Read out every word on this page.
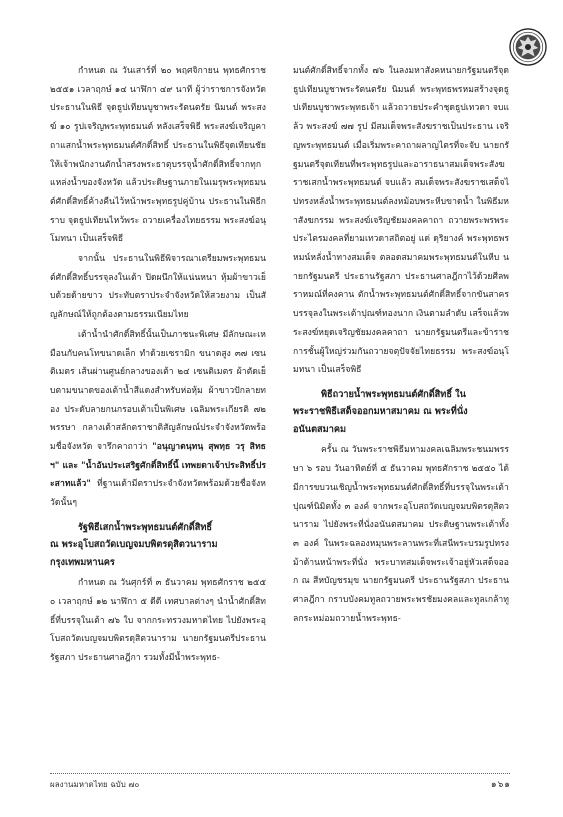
กำหนด ณ วันเสาร์ที่ ๒๐ พฤศจิกายน พุทธศักราช ๒๕๕๑ เวลาฤกษ์ ๑๔ นาฬิกา ๔๙ นาที ผู้ว่าราชการจังหวัดประธานในพิธี จุดธูปเทียนบูชาพระรัตนตรัย นิมนต์ พระสงฆ์ ๑๐ รูปเจริญพระพุทธมนต์ หลังเสร็จพิธี พระสงฆ์เจริญคาถาแสกน้ำพระพุทธมนต์ศักดิ์สิทธิ์ ประธานในพิธีจุดเทียนชัยให้เจ้าพนักงานตักน้ำสรงพระธาตุบรรจุน้ำศักดิ์สิทธิ์จากทุกแหล่งน้ำของจังหวัด แล้วประดิษฐานภายในเมรุพระพุทธมนต์ศักดิ์สิทธิ์ค้างคืนไว้หน้าพระพุทธรูปคู่บ้าน ประธานในพิธีกราบ จุดธูปเทียนไหว้พระ ถวายเครื่องไทยธรรม พระสงฆ์อนุโมทนา เป็นเสร็จพิธี

จากนั้น ประธานในพิธีพิจารณาเตรียมพระพุทธมนต์ศักดิ์สิทธิ์บรรจุลงในเต้า ปิดผนึกให้แน่นหนา หุ้มผ้าขาวเย็บด้วยด้ายขาว ประทับตราประจำจังหวัดให้สวยงาม เป็นสัญลักษณ์ให้ถูกต้องตามธรรมเนียมไทย

เต้าน้ำนำศักดิ์สิทธิ์นั้นเป็นภาชนะพิเศษ มีลักษณะเหมือนกับคนโทขนาดเล็ก ทำด้วยเซรามิก ขนาดสูง ๓๗ เซนติเมตร เส้นผ่านศูนย์กลางของเต้า ๒๔ เซนติเมตร ผ้าตัดเย็บตามขนาดของเต้าน้ำสีแดงสำหรับห่อหุ้ม ผ้าขาวปักลายทอง ประดับลายกนกรอบเต้าเป็นพิเศษ เฉลิมพระเกียรติ ๗๒ พรรษา กลางเต้าสลักตราชาติสัญลักษณ์ประจำจังหวัดพร้อมชื่อจังหวัด จารึกคาถาว่า "อนุญาตนฺทนฺ สุพทฺธ วรุ สิทธ ฯ" และ "น้ำอันประเสริฐศักดิ์สิทธิ์นี้ เทพยดาเจ้าประสิทธิ์ประสาทแล้ว" ที่ฐานเต้ามีตราประจำจังหวัดพร้อมด้วยชื่อจังหวัดนั้นๆ

รัฐพิธีเสกน้ำพระพุทธมนต์ศักดิ์สิทธิ์
ณ พระอุโบสถวัดเบญจมบพิตรดุสิตวนาราม
กรุงเทพมหานคร

กำหนด ณ วันศุกร์ที่ ๓ ธันวาคม พุทธศักราช ๒๕๕๐ เวลาฤกษ์ ๑๒ นาฬิกา ๕ ดีดี เทศบาลต่างๆ นำน้ำศักดิ์สิทธิ์ที่บรรจุในเต้า ๗๖ ใบ จากกระทรวงมหาดไทย ไปยังพระอุโบสถวัดเบญจมบพิตรดุสิตวนาราม นายกรัฐมนตรีประธานรัฐสภา ประธานศาลฎีกา รวมทั้งมีน้ำพระพุทธ-

มนต์ศักดิ์สิทธิ์จากทั้ง ๗๖ ในลงมหาสังคหนายกรัฐมนตรีจุดธูปเทียนบูชาพระรัตนตรัย นิมนต์ พระพุทธพรหมสร้างจุดธูปเทียนบูชาพระพุทธเจ้า แล้วถวายประคำชุดธูปเทวดา จบแล้ว พระสงฆ์ ๗๗ รูป มีสมเด็จพระสังฆราชเป็นประธาน เจริญพระพุทธมนต์ เมื่อเริ่มพระคาถาผลาญไตรที่จะจับ นายกรัฐมนตรีจุดเทียนที่พระพุทธรูปและอาราธนาสมเด็จพระสังฆราชเสกน้ำพระพุทธมนต์ จบแล้ว สมเด็จพระสังฆราชเสด็จไปทรงหลั่งน้ำพระพุทธมนต์ลงหม้อบพระหีบขาดน้ำ ในพิธีมหาสังฆกรรม พระสงฆ์เจริญชัยมงคลคาถา ถวายพระพรพระประไตรมงคลที่ยามเทวดาสถิตอยู่ แด่ ดุริยางค์ พระพุทธพรหมน์หลั่งน้ำทางสมเด็จ ตลอดสมาคมพระพุทธมนต์ในหีบ นายกรัฐมนตรี ประธานรัฐสภา ประธานศาลฎีกาไว้ด้วยศีลพราหมณ์ที่คงคาน ตักน้ำพระพุทธมนต์ศักดิ์สิทธิ์จากขันสาครบรรจุลงในพระเต้าปุณฑ์ทองนาก เงินตามลำดับ เสร็จแล้วพระสงฆ์หยุดเจริญชัยมงคลคาถา นายกรัฐมนตรีและข้าราชการชั้นผู้ใหญ่ร่วมกันถวายจตุปัจจัยไทยธรรม พระสงฆ์อนุโมทนา เป็นเสร็จพิธี

พิธีถวายน้ำพระพุทธมนต์ศักดิ์สิทธิ์ ใน
พระราชพิธีเสด็จออกมหาสมาคม ณ พระที่นั่ง
อนันตสมาคม

ครั้น ณ วันพระราชพิธีมหามงคลเฉลิมพระชนมพรรษา ๖ รอบ วันอาทิตย์ที่ ๕ ธันวาคม พุทธศักราช ๒๕๕๐ ได้มีการขบวนเชิญน้ำพระพุทธมนต์ศักดิ์สิทธิ์ที่บรรจุในพระเต้าปุณฑ์นิมิตทั้ง ๓ องค์ จากพระอุโบสถวัดเบญจมบพิตรดุสิตวนาราม ไปยังพระที่นั่งอนันตสมาคม ประดิษฐานพระเต้าทั้ง ๓ องค์ ในพระฉลองหมุนพระลานพระที่เสนีพระบรมรูปทรงม้าด้านหน้าพระที่นั่ง พระบาทสมเด็จพระเจ้าอยู่หัวเสด็จออก ณ สีหบัญชรมุข นายกรัฐมนตรี ประธานรัฐสภา ประธานศาลฎีกา กราบบังคมทูลถวายพระพรชัยมงคลและทูลเกล้าทูลกระหม่อมถวายน้ำพระพุทธ-

ผลงานมหาดไทย ฉบับ ๗๐	๑๖๑
